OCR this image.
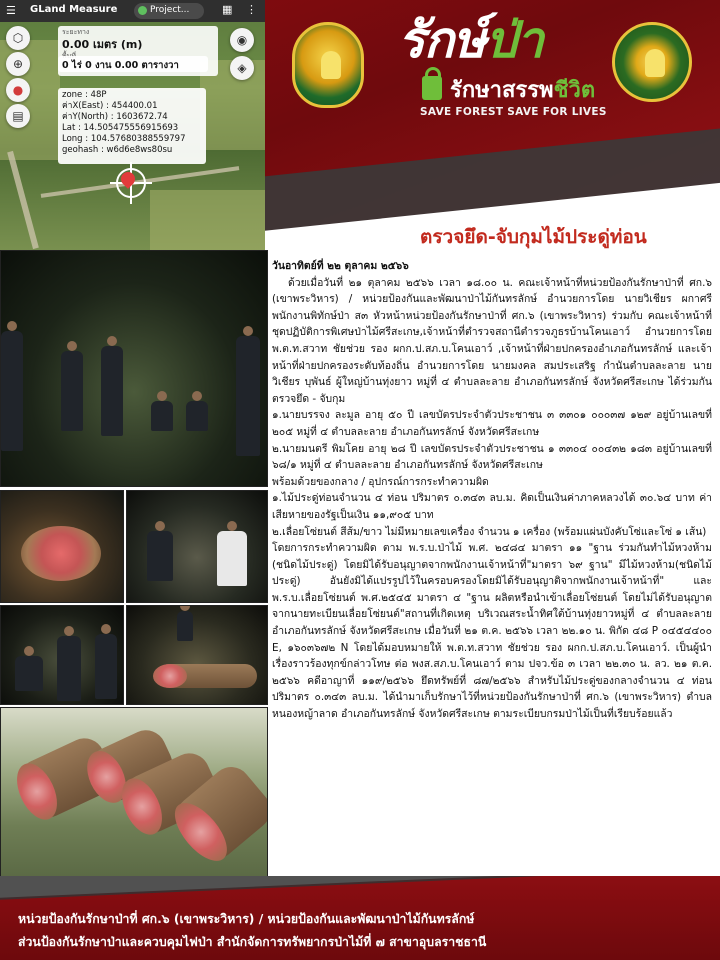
รักษ์ป่า
รักษาสรรพชีวิต
SAVE FOREST SAVE FOR LIVES
☰ GLand Measure	Project...	▦ ⋮
⬡
⊕
●
▤
◉
◈
ระยะทาง
0.00 เมตร (m)
0 ไร่ 0 งาน 0.00 ตารางวา
zone : 48P
ค่าX(East) : 454400.01
ค่าY(North) : 1603672.74
Lat : 14.505475556915693
Long : 104.57680388559797
geohash : w6d6e8ws80su
ตรวจยึด-จับกุมไม้ประดู่ท่อน

วันอาทิตย์ที่ ๒๒ ตุลาคม ๒๕๖๖

ด้วยเมื่อวันที่ ๒๑ ตุลาคม ๒๕๖๖ เวลา ๑๘.๐๐ น. คณะเจ้าหน้าที่หน่วยป้องกันรักษาป่าที่ ศก.๖ (เขาพระวิหาร) / หน่วยป้องกันและพัฒนาป่าไม้กันทรลักษ์ อำนวยการโดย นายวิเชียร ผกาศรี พนักงานพิทักษ์ป่า ส๓ หัวหน้าหน่วยป้องกันรักษาป่าที่ ศก.๖ (เขาพระวิหาร) ร่วมกับ คณะเจ้าหน้าที่ชุดปฏิบัติการพิเศษป่าไม้ศรีสะเกษ,เจ้าหน้าที่ตำรวจสถานีตำรวจภูธรบ้านโคนเอาว์ อำนวยการโดย พ.ต.ท.สวาท ชัยช่วย รอง ผกก.ป.สภ.บ.โคนเอาว์ ,เจ้าหน้าที่ฝ่ายปกครองอำเภอกันทรลักษ์ และเจ้าหน้าที่ฝ่ายปกครองระดับท้องถิ่น อำนวยการโดย นายมงคล สมประเสริฐ กำนันตำบลละลาย นายวิเชียร บุพันธ์ ผู้ใหญ่บ้านทุ่งยาว หมู่ที่ ๔ ตำบลละลาย อำเภอกันทรลักษ์ จังหวัดศรีสะเกษ ได้ร่วมกันตรวจยึด - จับกุม

๑.นายบรรจง ละมูล อายุ ๕๐ ปี เลขบัตรประจำตัวประชาชน ๓ ๓๓๐๑ ๐๐๐๓๗ ๑๒๙ อยู่บ้านเลขที่ ๒๐๕ หมู่ที่ ๔ ตำบลละลาย อำเภอกันทรลักษ์ จังหวัดศรีสะเกษ

๒.นายมนตรี พิมโคย อายุ ๒๘ ปี เลขบัตรประจำตัวประชาชน ๑ ๓๓๐๔ ๐๐๔๓๒ ๑๘๓ อยู่บ้านเลขที่ ๖๘/๑ หมู่ที่ ๔ ตำบลละลาย อำเภอกันทรลักษ์ จังหวัดศรีสะเกษ

พร้อมด้วยของกลาง / อุปกรณ์การกระทำความผิด

๑.ไม้ประดู่ท่อนจำนวน ๔ ท่อน ปริมาตร ๐.๓๔๓ ลบ.ม. คิดเป็นเงินค่าภาคหลวงได้ ๓๐.๖๔ บาท ค่าเสียหายของรัฐเป็นเงิน ๑๑,๙๐๕ บาท

๒.เลื่อยโซ่ยนต์ สีส้ม/ขาว ไม่มีหมายเลขเครื่อง จำนวน ๑ เครื่อง (พร้อมแผ่นบังคับโซ่และโซ่ ๑ เส้น)

โดยการกระทำความผิด ตาม พ.ร.บ.ป่าไม้ พ.ศ. ๒๔๘๔ มาตรา ๑๑ "ฐาน ร่วมกันทำไม้หวงห้าม (ชนิดไม้ประดู่) โดยมิได้รับอนุญาตจากพนักงานเจ้าหน้าที่"มาตรา ๖๙ ฐาน" มีไม้หวงห้าม(ชนิดไม้ประดู่) อันยังมิได้แปรรูปไว้ในครอบครองโดยมิได้รับอนุญาติจากพนักงานเจ้าหน้าที่" และ พ.ร.บ.เลื่อยโซ่ยนต์ พ.ศ.๒๕๔๕ มาตรา ๔ "ฐาน ผลิตหรือนำเข้าเลื่อยโซ่ยนต์ โดยไม่ได้รับอนุญาตจากนายทะเบียนเลื่อยโซ่ยนต์"สถานที่เกิดเหตุ บริเวณสระน้ำทิศใต้บ้านทุ่งยาวหมู่ที่ ๔ ตำบลละลาย อำเภอกันทรลักษ์ จังหวัดศรีสะเกษ เมื่อวันที่ ๒๑ ต.ค. ๒๕๖๖ เวลา ๒๒.๑๐ น. พิกัด ๔๘ P ๐๔๕๔๔๐๐ E, ๑๖๐๓๖๗๒ N โดยได้มอบหมายให้ พ.ต.ท.สวาท ชัยช่วย รอง ผกก.ป.สภ.บ.โคนเอาว์. เป็นผู้นำเรื่องราวร้องทุกข์กล่าวโทษ ต่อ พงส.สภ.บ.โคนเอาว์ ตาม ปจว.ข้อ ๓ เวลา ๒๒.๓๐ น. ลว. ๒๑ ต.ค. ๒๕๖๖ คดีอาญาที่ ๑๑๙/๒๕๖๖ ยึดทรัพย์ที่ ๘๗/๒๕๖๖ สำหรับไม้ประดู่ของกลางจำนวน ๔ ท่อน ปริมาตร ๐.๓๔๓ ลบ.ม. ได้นำมาเก็บรักษาไว้ที่หน่วยป้องกันรักษาป่าที่ ศก.๖ (เขาพระวิหาร) ตำบลหนองหญ้าลาด อำเภอกันทรลักษ์ จังหวัดศรีสะเกษ ตามระเบียบกรมป่าไม้เป็นที่เรียบร้อยแล้ว

หน่วยป้องกันรักษาป่าที่ ศก.๖ (เขาพระวิหาร) / หน่วยป้องกันและพัฒนาป่าไม้กันทรลักษ์
ส่วนป้องกันรักษาป่าและควบคุมไฟป่า สำนักจัดการทรัพยากรป่าไม้ที่ ๗ สาขาอุบลราชธานี
